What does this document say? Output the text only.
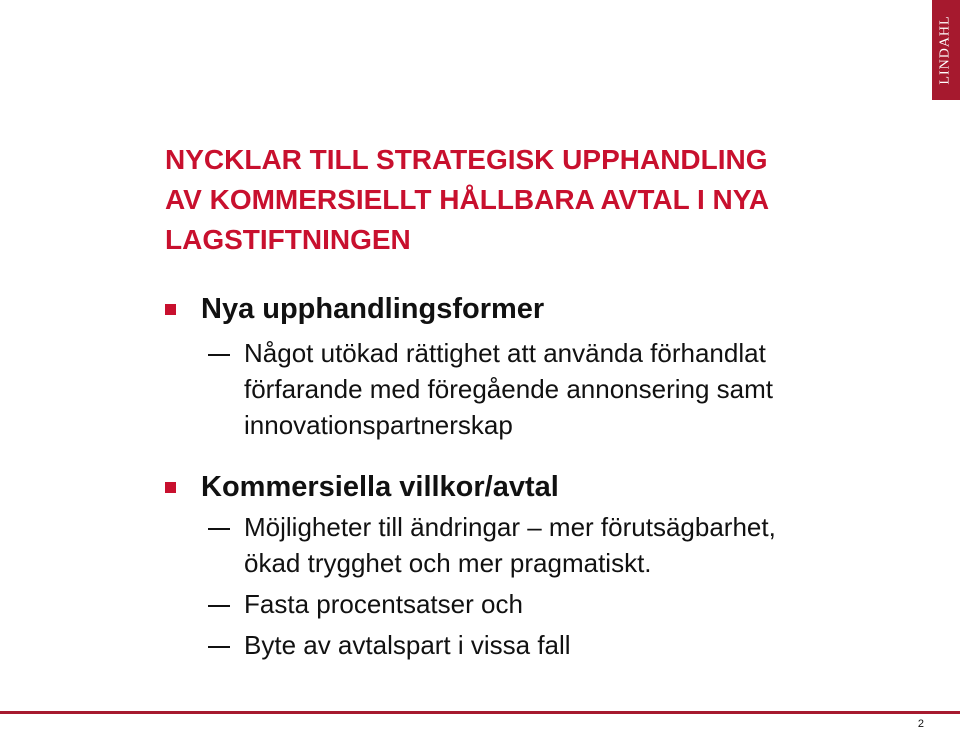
LINDAHL
NYCKLAR TILL STRATEGISK UPPHANDLING
AV KOMMERSIELLT HÅLLBARA AVTAL I NYA
LAGSTIFTNINGEN
Nya upphandlingsformer
Något utökad rättighet att använda förhandlat
förfarande med föregående annonsering samt
innovationspartnerskap
Kommersiella villkor/avtal
Möjligheter till ändringar – mer förutsägbarhet,
ökad trygghet och mer pragmatiskt.
Fasta procentsatser och
Byte av avtalspart i vissa fall
2
